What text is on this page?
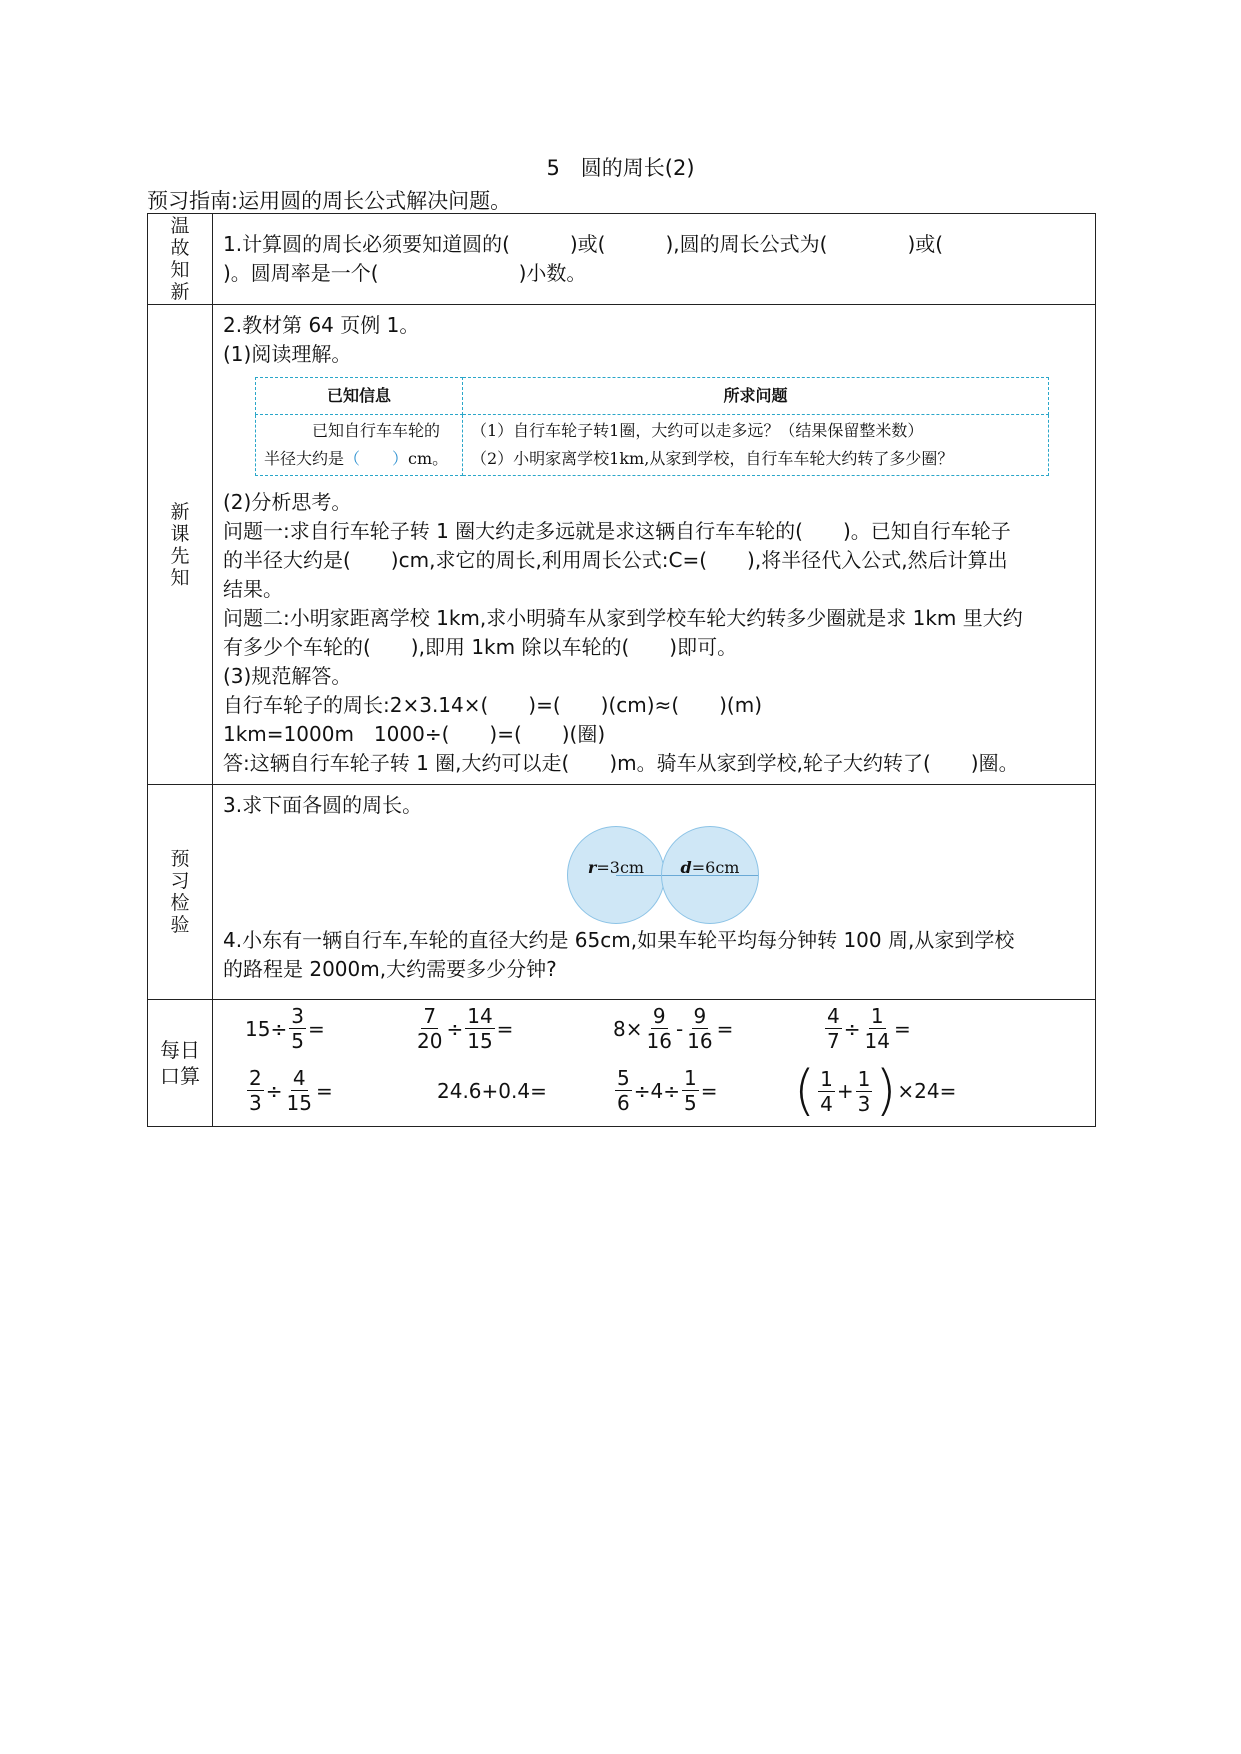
5　圆的周长(2)
预习指南:运用圆的周长公式解决问题。
温故知新	
1.计算圆的周长必须要知道圆的(　　　)或(　　　),圆的周长公式为(　　　　)或(
)。圆周率是一个(　　　　　　　)小数。

新课先知	
2.教材第 64 页例 1。
(1)阅读理解。
已知信息	所求问题

已知自行车车轮的
半径大约是（　　）cm。

（1）自行车轮子转1圈，大约可以走多远？（结果保留整米数）
（2）小明家离学校1km,从家到学校，自行车车轮大约转了多少圈？
(2)分析思考。
问题一:求自行车轮子转 1 圈大约走多远就是求这辆自行车车轮的(　　)。已知自行车轮子
的半径大约是(　　)cm,求它的周长,利用周长公式:C=(　　),将半径代入公式,然后计算出
结果。
问题二:小明家距离学校 1km,求小明骑车从家到学校车轮大约转多少圈就是求 1km 里大约
有多少个车轮的(　　),即用 1km 除以车轮的(　　)即可。
(3)规范解答。
自行车轮子的周长:2×3.14×(　　)=(　　)(cm)≈(　　)(m)
1km=1000m　1000÷(　　)=(　　)(圈)
答:这辆自行车轮子转 1 圈,大约可以走(　　)m。骑车从家到学校,轮子大约转了(　　)圈。

预习检验	
3.求下面各圆的周长。
r=3cm	d=6cm
4.小东有一辆自行车,车轮的直径大约是 65cm,如果车轮平均每分钟转 100 周,从家到学校
的路程是 2000m,大约需要多少分钟?

每日
口算

$15\div \frac{3}{5}$ =	$\frac{7}{20} \div \frac{14}{15}$ =	$8\times \frac{9}{16} - \frac{9}{16}$ =	$\frac{4}{7} \div \frac{1}{14}$ =
$\frac{2}{3} \div \frac{4}{15}$ =	24.6+0.4=	$\frac{5}{6} \div 4\div \frac{1}{5}$ = ( $\frac{1}{4} + \frac{1}{3}$ ) ×24=
